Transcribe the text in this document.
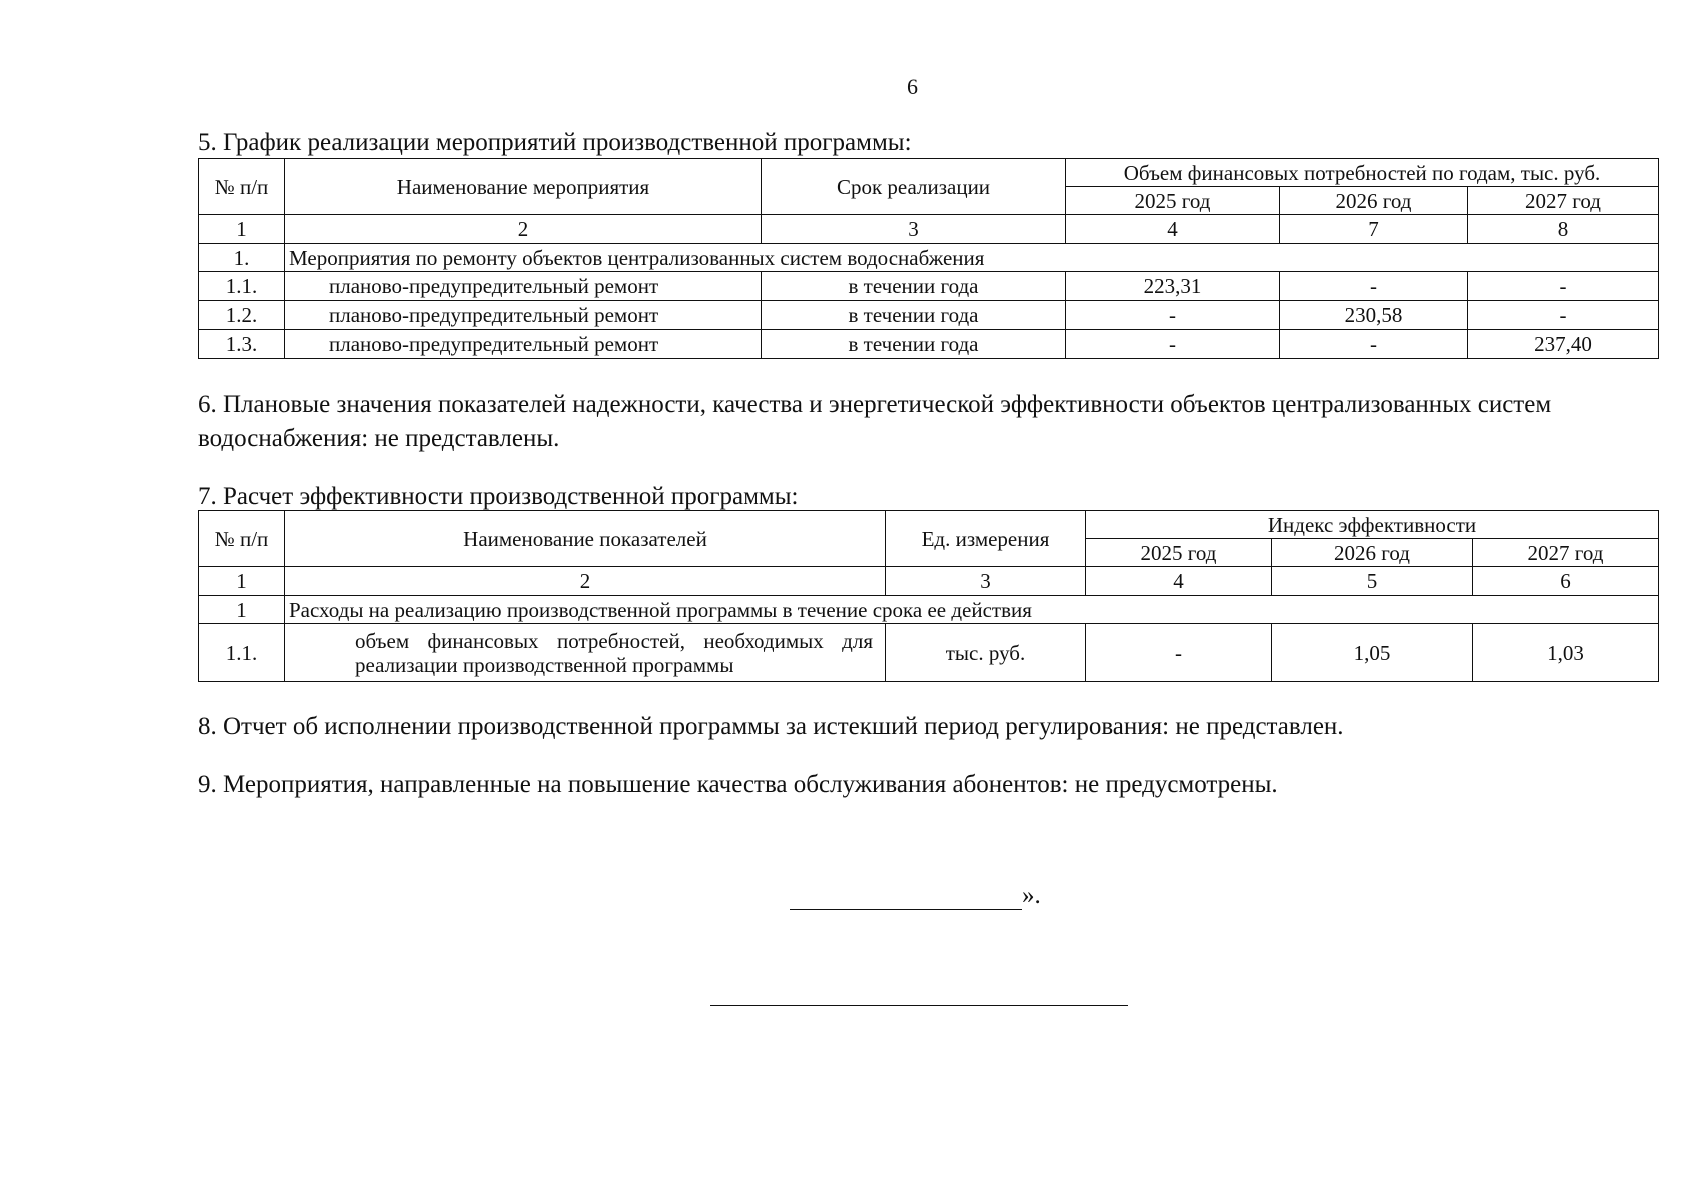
6
5. График реализации мероприятий производственной программы:
№ п/п	Наименование мероприятия	Срок реализации	Объем финансовых потребностей по годам, тыс. руб.		
			2025 год	2026 год	2027 год
1	2	3	4	7	8
1.	Мероприятия по ремонту объектов централизованных систем водоснабжения				
1.1.	планово-предупредительный ремонт	в течении года	223,31	-	-
1.2.	планово-предупредительный ремонт	в течении года	-	230,58	-
1.3.	планово-предупредительный ремонт	в течении года	-	-	237,40
6. Плановые значения показателей надежности, качества и энергетической эффективности объектов централизованных систем водоснабжения: не представлены.
7. Расчет эффективности производственной программы:
№ п/п	Наименование показателей	Ед. измерения	Индекс эффективности		
			2025 год	2026 год	2027 год
1	2	3	4	5	6
1	Расходы на реализацию производственной программы в течение срока ее действия				
1.1.	объем финансовых потребностей, необходимых для реализации производственной программы	тыс. руб.	-	1,05	1,03
8. Отчет об исполнении производственной программы за истекший период регулирования: не представлен.
9. Мероприятия, направленные на повышение качества обслуживания абонентов: не предусмотрены.
».
